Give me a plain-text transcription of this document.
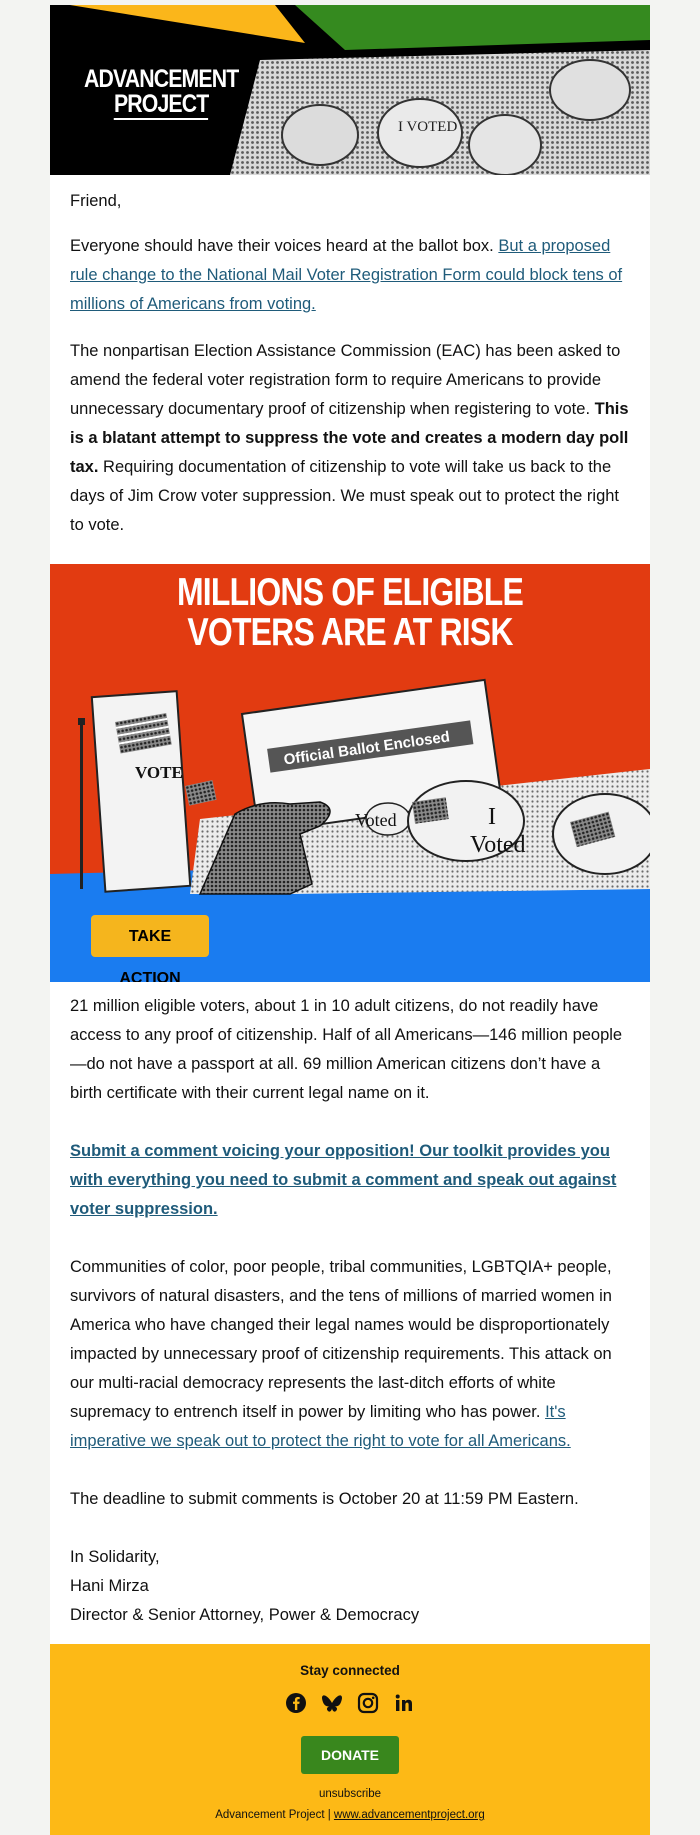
I VOTED
ADVANCEMENT
PROJECT

Friend,

Everyone should have their voices heard at the ballot box. But a proposed rule change to the National Mail Voter Registration Form could block tens of millions of Americans from voting.

The nonpartisan Election Assistance Commission (EAC) has been asked to amend the federal voter registration form to require Americans to provide unnecessary documentary proof of citizenship when registering to vote. This is a blatant attempt to suppress the vote and creates a modern day poll tax. Requiring documentation of citizenship to vote will take us back to the days of Jim Crow voter suppression. We must speak out to protect the right to vote.

VOTE
Official Ballot Enclosed
I
Voted
Voted
MILLIONS OF ELIGIBLE
VOTERS ARE AT RISK
TAKE ACTION

21 million eligible voters, about 1 in 10 adult citizens, do not readily have access to any proof of citizenship. Half of all Americans—146 million people—do not have a passport at all. 69 million American citizens don’t have a birth certificate with their current legal name on it.

Submit a comment voicing your opposition! Our toolkit provides you with everything you need to submit a comment and speak out against voter suppression.

Communities of color, poor people, tribal communities, LGBTQIA+ people, survivors of natural disasters, and the tens of millions of married women in America who have changed their legal names would be disproportionately impacted by unnecessary proof of citizenship requirements. This attack on our multi-racial democracy represents the last-ditch efforts of white supremacy to entrench itself in power by limiting who has power. It's imperative we speak out to protect the right to vote for all Americans.

The deadline to submit comments is October 20 at 11:59 PM Eastern.

In Solidarity,
Hani Mirza
Director & Senior Attorney, Power & Democracy

Stay connected
DONATE
unsubscribe
Advancement Project | www.advancementproject.org
